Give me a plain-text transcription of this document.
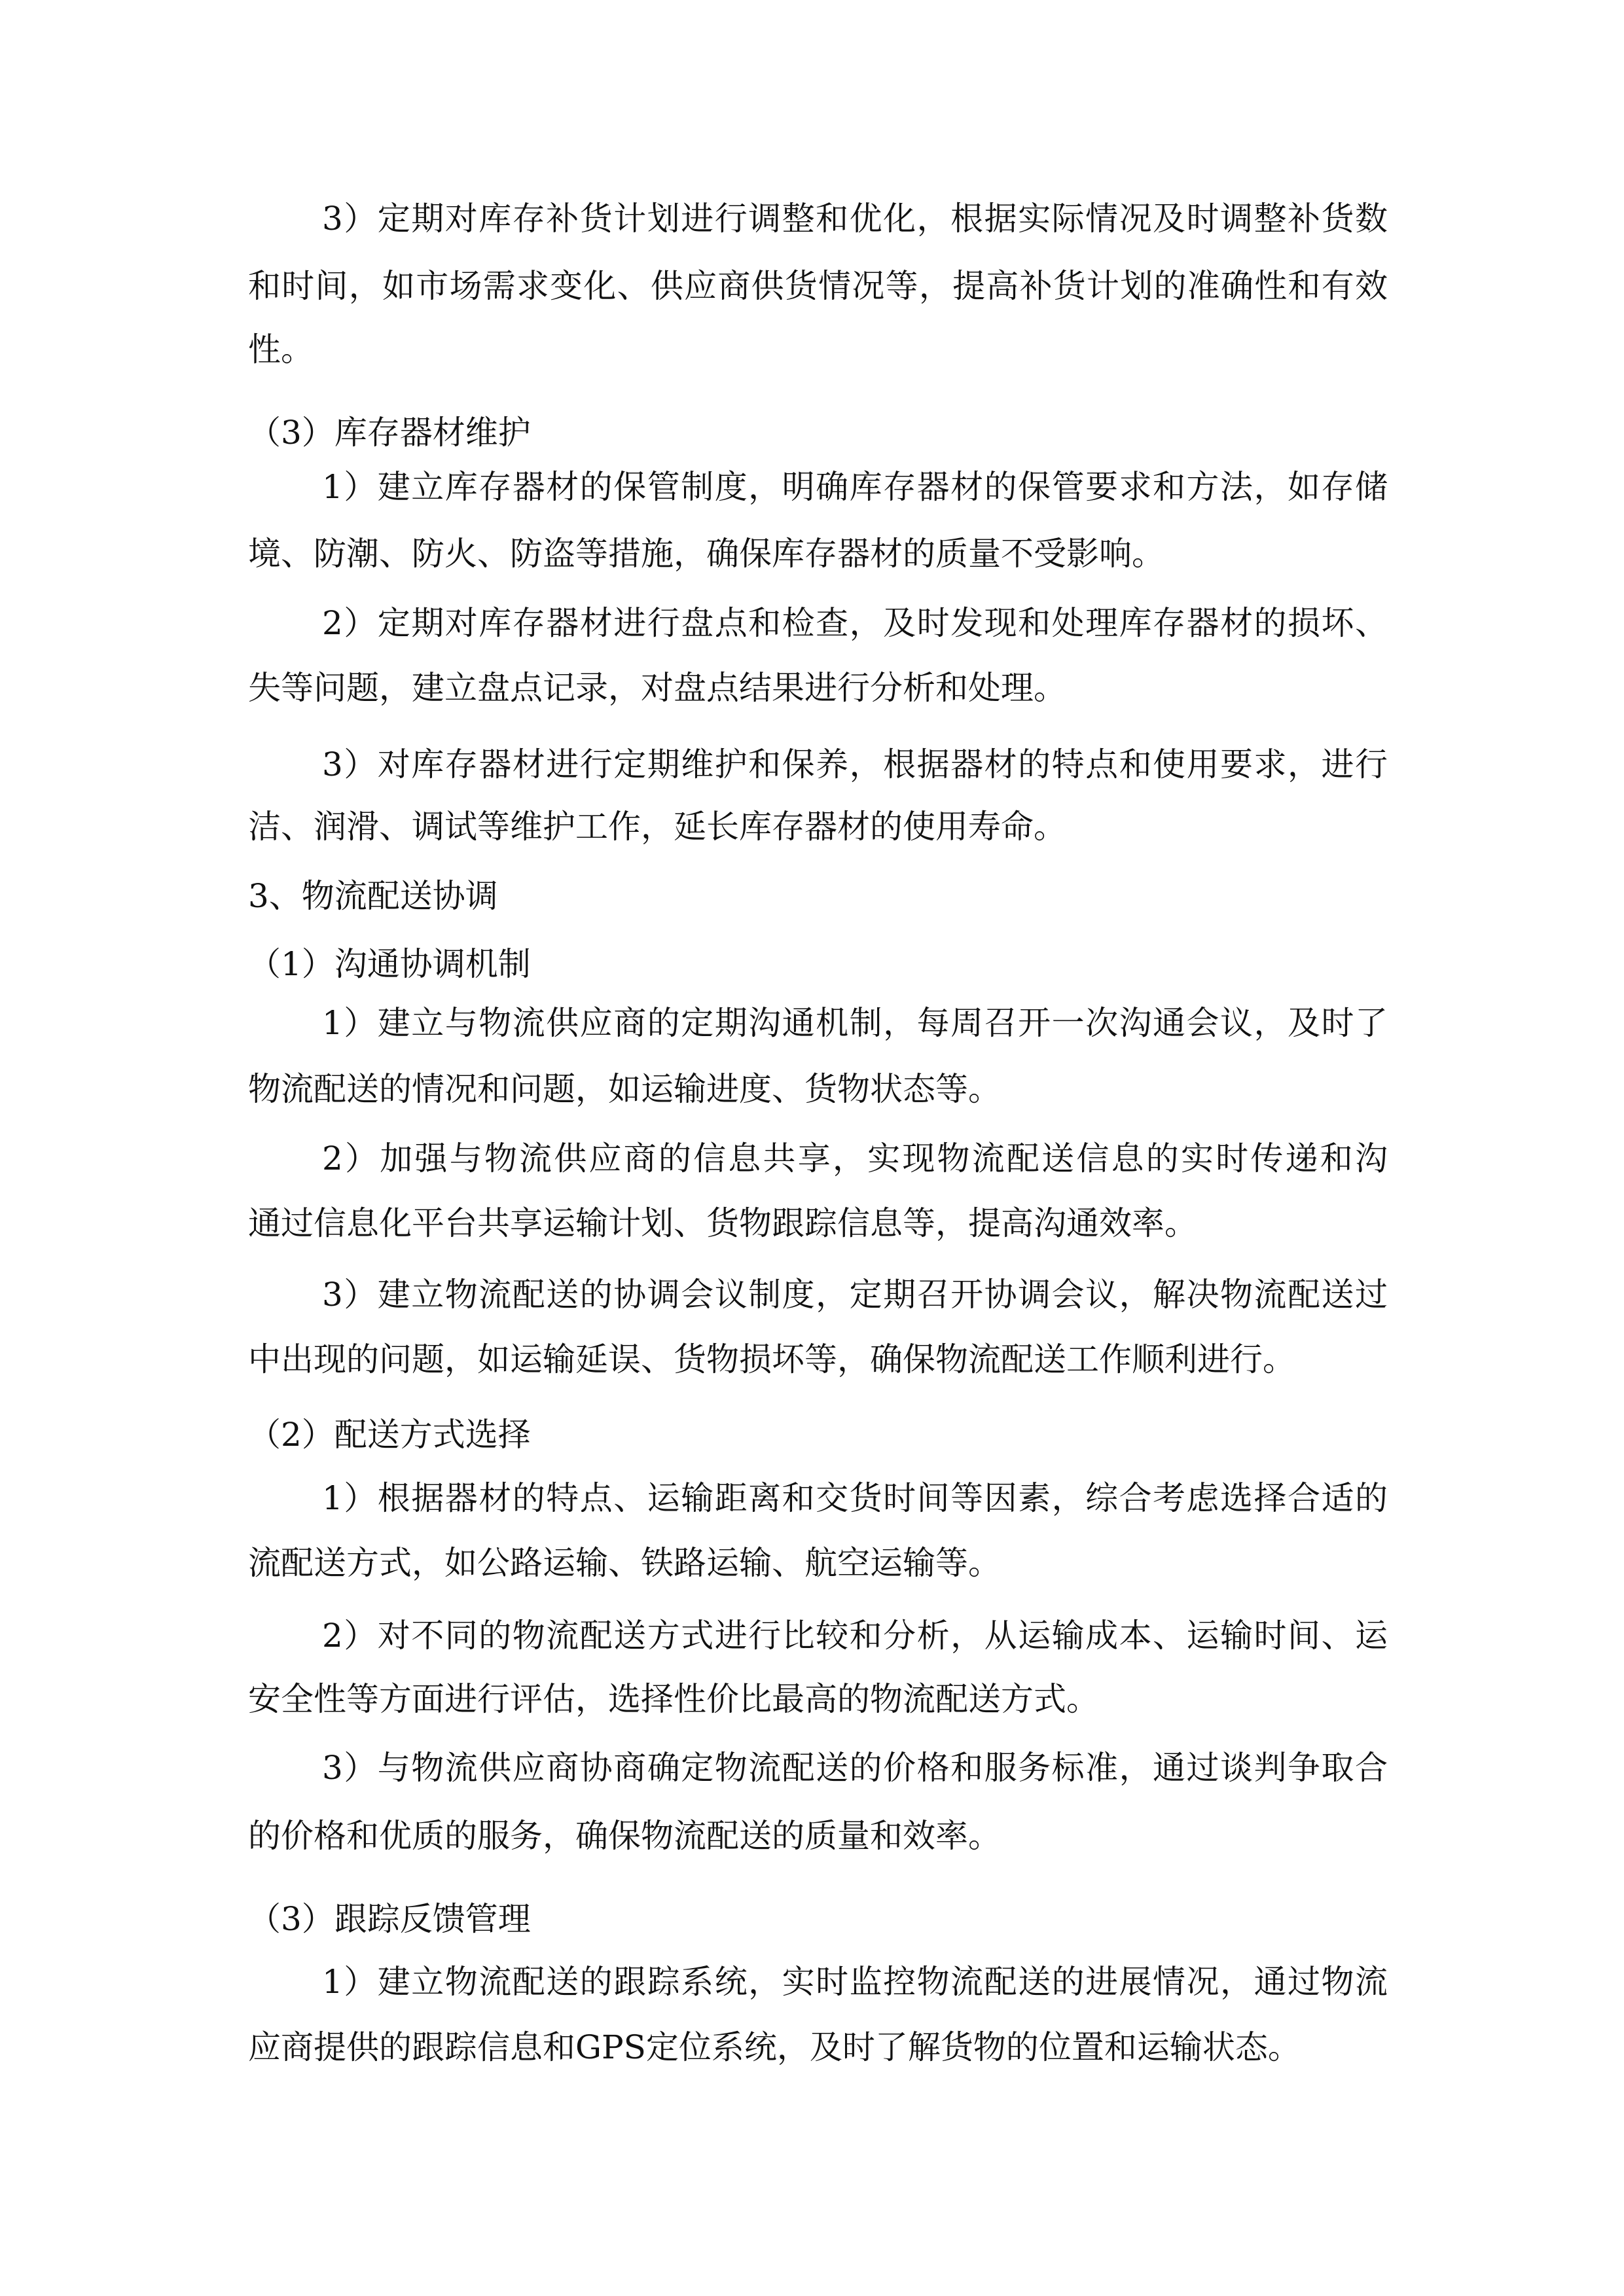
3）定期对库存补货计划进行调整和优化，根据实际情况及时调整补货数
和时间，如市场需求变化、供应商供货情况等，提高补货计划的准确性和有效
性。
（3）库存器材维护
1）建立库存器材的保管制度，明确库存器材的保管要求和方法，如存储
境、防潮、防火、防盗等措施，确保库存器材的质量不受影响。
2）定期对库存器材进行盘点和检查，及时发现和处理库存器材的损坏、
失等问题，建立盘点记录，对盘点结果进行分析和处理。
3）对库存器材进行定期维护和保养，根据器材的特点和使用要求，进行
洁、润滑、调试等维护工作，延长库存器材的使用寿命。
3、物流配送协调
（1）沟通协调机制
1）建立与物流供应商的定期沟通机制，每周召开一次沟通会议，及时了
物流配送的情况和问题，如运输进度、货物状态等。
2）加强与物流供应商的信息共享，实现物流配送信息的实时传递和沟
通过信息化平台共享运输计划、货物跟踪信息等，提高沟通效率。
3）建立物流配送的协调会议制度，定期召开协调会议，解决物流配送过
中出现的问题，如运输延误、货物损坏等，确保物流配送工作顺利进行。
（2）配送方式选择
1）根据器材的特点、运输距离和交货时间等因素，综合考虑选择合适的
流配送方式，如公路运输、铁路运输、航空运输等。
2）对不同的物流配送方式进行比较和分析，从运输成本、运输时间、运
安全性等方面进行评估，选择性价比最高的物流配送方式。
3）与物流供应商协商确定物流配送的价格和服务标准，通过谈判争取合
的价格和优质的服务，确保物流配送的质量和效率。
（3）跟踪反馈管理
1）建立物流配送的跟踪系统，实时监控物流配送的进展情况，通过物流
应商提供的跟踪信息和GPS定位系统，及时了解货物的位置和运输状态。
